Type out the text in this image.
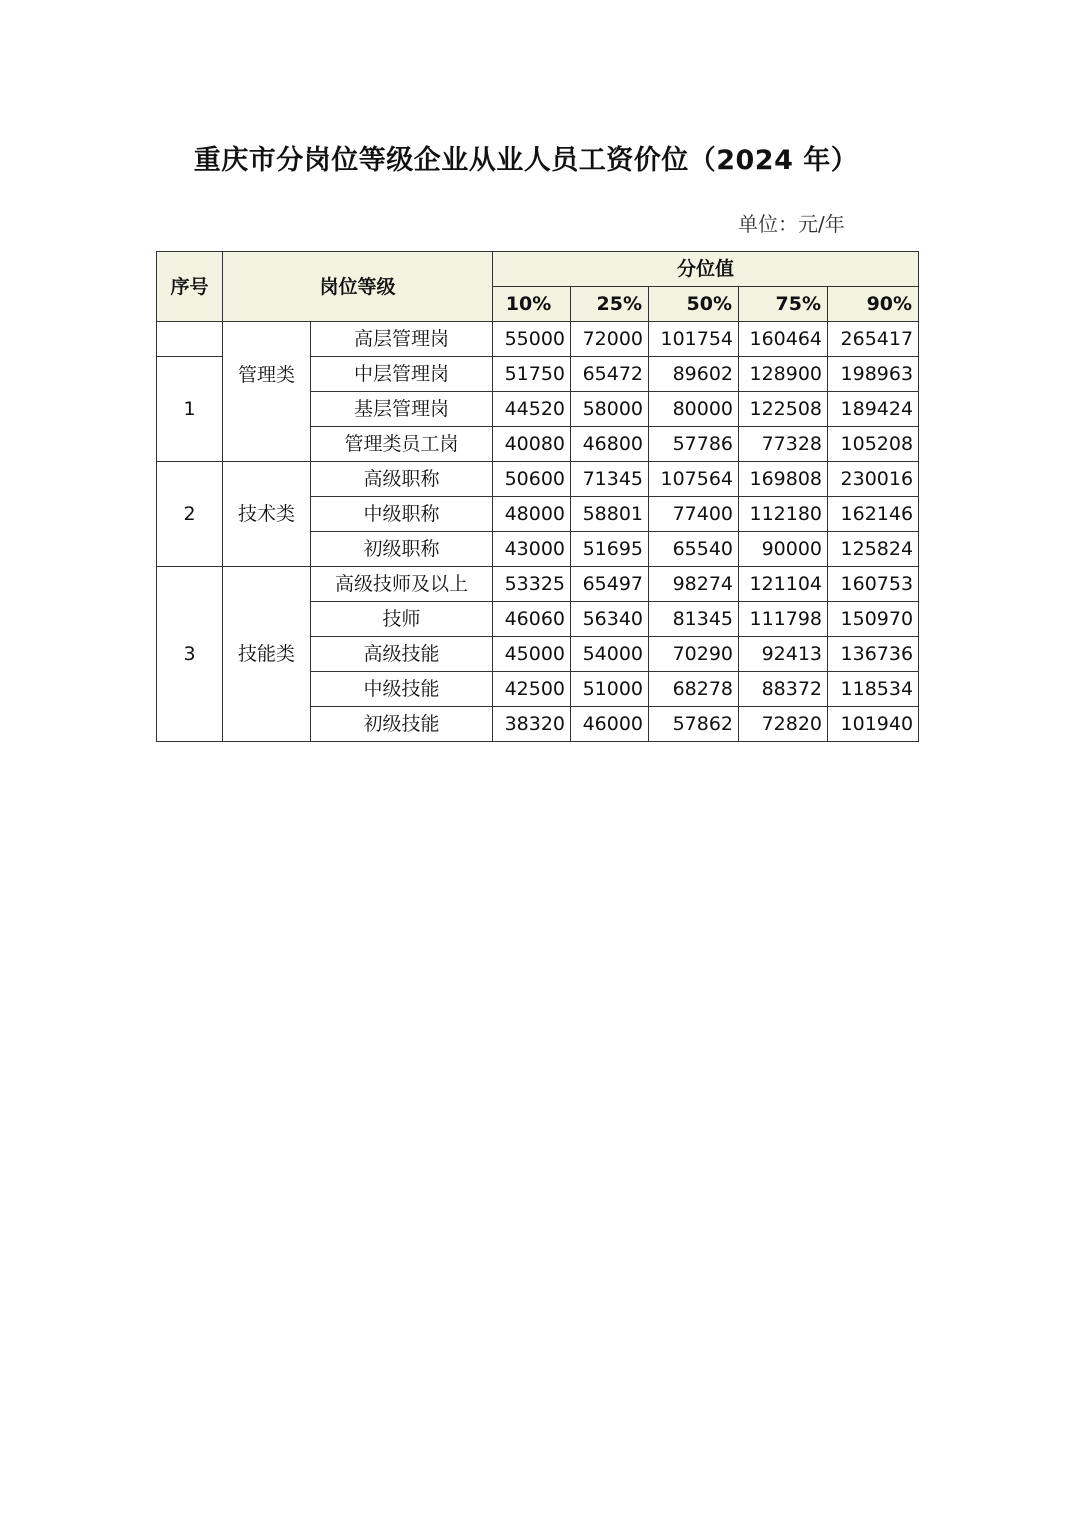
重庆市分岗位等级企业从业人员工资价位（2024 年）
单位：元/年
序号	岗位等级		分位值				
			10%	25%	50%	75%	90%
	管理类	高层管理岗	55000	72000	101754	160464	265417
1		中层管理岗	51750	65472	89602	128900	198963
		基层管理岗	44520	58000	80000	122508	189424
		管理类员工岗	40080	46800	57786	77328	105208
2	技术类	高级职称	50600	71345	107564	169808	230016
		中级职称	48000	58801	77400	112180	162146
		初级职称	43000	51695	65540	90000	125824
3	技能类	高级技师及以上	53325	65497	98274	121104	160753
		技师	46060	56340	81345	111798	150970
		高级技能	45000	54000	70290	92413	136736
		中级技能	42500	51000	68278	88372	118534
		初级技能	38320	46000	57862	72820	101940
